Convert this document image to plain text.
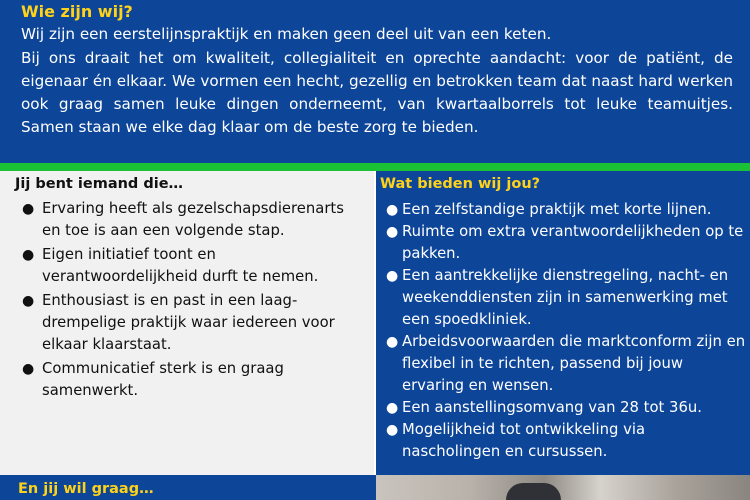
Wie zijn wij?

Wij zijn een eerstelijnspraktijk en maken geen deel uit van een keten.

Bij ons draait het om kwaliteit, collegialiteit en oprechte aandacht: voor de patiënt, de eigenaar én elkaar. We vormen een hecht, gezellig en betrokken team dat naast hard werken ook graag samen leuke dingen onderneemt, van kwartaalborrels tot leuke teamuitjes. Samen staan we elke dag klaar om de beste zorg te bieden.

Jij bent iemand die…
● Ervaring heeft als gezelschapsdierenarts en toe is aan een volgende stap.
● Eigen initiatief toont en verantwoordelijkheid durft te nemen.
● Enthousiast is en past in een laag-drempelige praktijk waar iedereen voor elkaar klaarstaat.
● Communicatief sterk is en graag samenwerkt.
Wat bieden wij jou?
● Een zelfstandige praktijk met korte lijnen.
● Ruimte om extra verantwoordelijkheden op te pakken.
● Een aantrekkelijke dienstregeling, nacht- en weekenddiensten zijn in samenwerking met een spoedkliniek.
● Arbeidsvoorwaarden die marktconform zijn en flexibel in te richten, passend bij jouw ervaring en wensen.
● Een aanstellingsomvang van 28 tot 36u.
● Mogelijkheid tot ontwikkeling via nascholingen en cursussen.
En jij wil graag…
